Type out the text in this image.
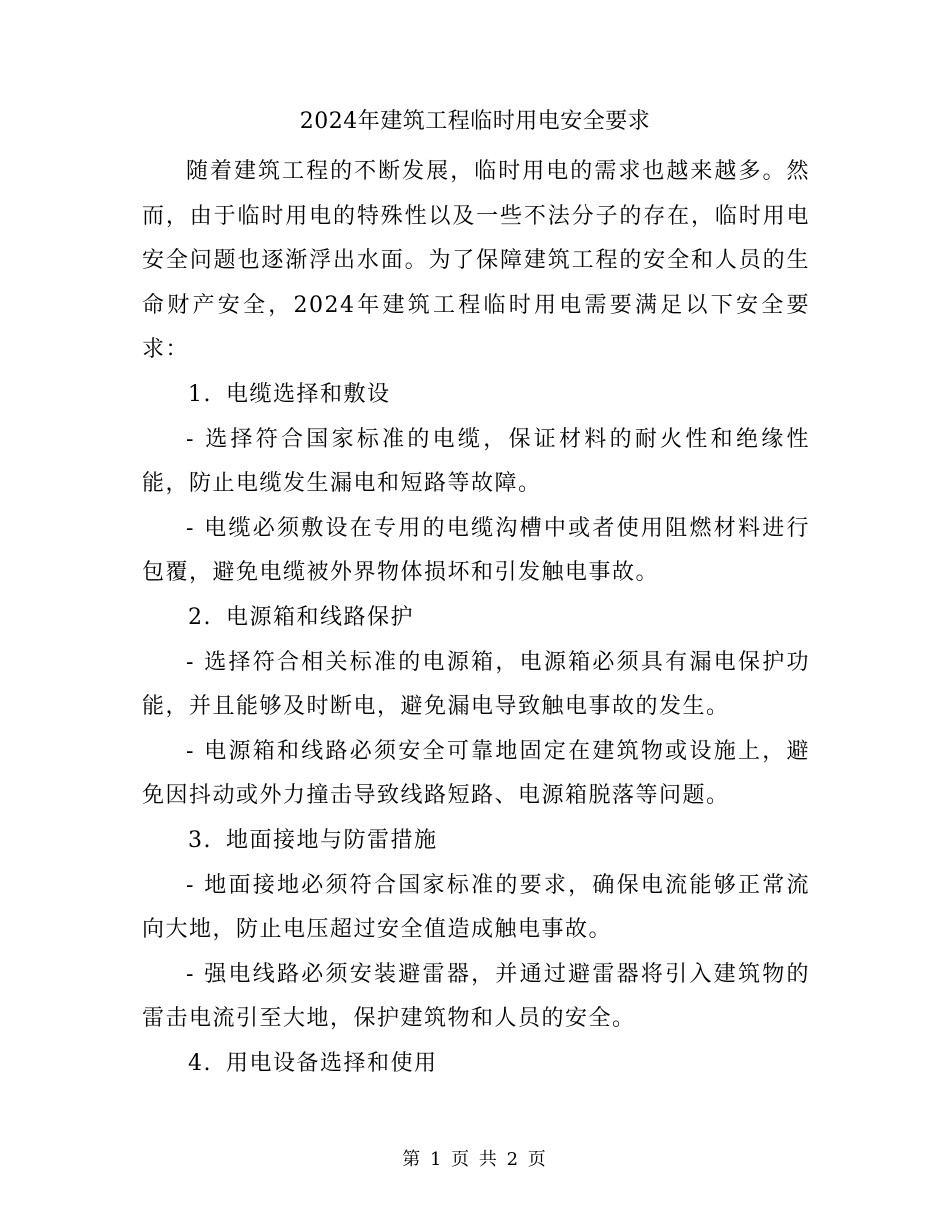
2024年建筑工程临时用电安全要求

随着建筑工程的不断发展，临时用电的需求也越来越多。然而，由于临时用电的特殊性以及一些不法分子的存在，临时用电安全问题也逐渐浮出水面。为了保障建筑工程的安全和人员的生命财产安全，2024年建筑工程临时用电需要满足以下安全要求：

1. 电缆选择和敷设

- 选择符合国家标准的电缆，保证材料的耐火性和绝缘性能，防止电缆发生漏电和短路等故障。

- 电缆必须敷设在专用的电缆沟槽中或者使用阻燃材料进行包覆，避免电缆被外界物体损坏和引发触电事故。

2. 电源箱和线路保护

- 选择符合相关标准的电源箱，电源箱必须具有漏电保护功能，并且能够及时断电，避免漏电导致触电事故的发生。

- 电源箱和线路必须安全可靠地固定在建筑物或设施上，避免因抖动或外力撞击导致线路短路、电源箱脱落等问题。

3. 地面接地与防雷措施

- 地面接地必须符合国家标准的要求，确保电流能够正常流向大地，防止电压超过安全值造成触电事故。

- 强电线路必须安装避雷器，并通过避雷器将引入建筑物的雷击电流引至大地，保护建筑物和人员的安全。

4. 用电设备选择和使用

第 1 页 共 2 页
